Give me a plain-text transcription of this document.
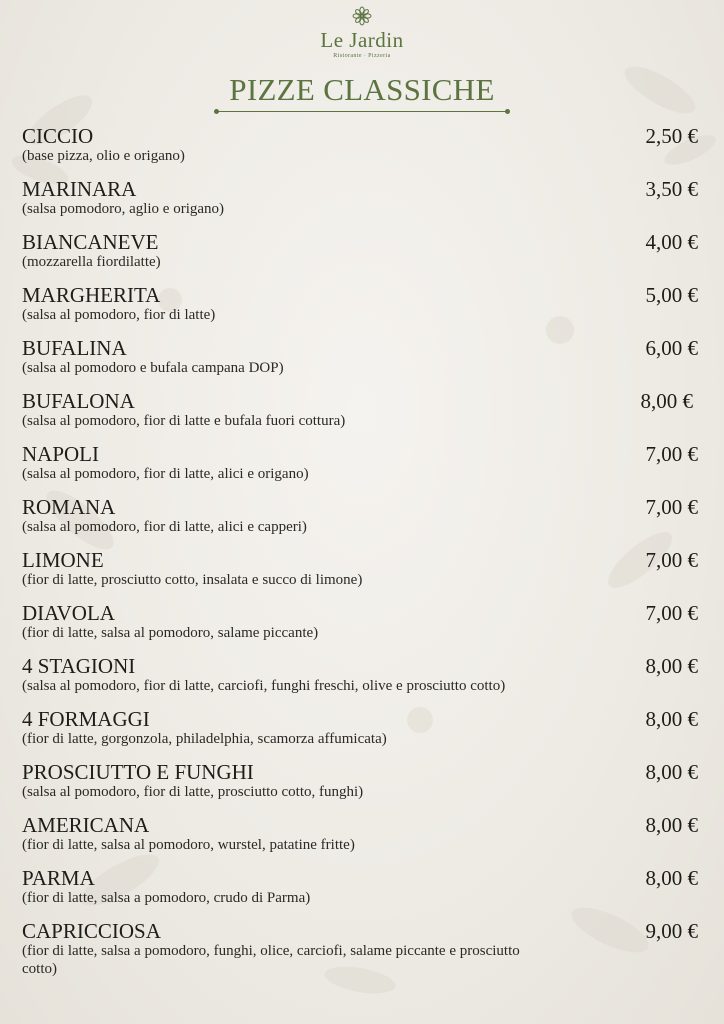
Le Jardin
Ristorante · Pizzeria
PIZZE CLASSICHE
CICCIO	2,50 €
(base pizza, olio e origano)
MARINARA	3,50 €
(salsa pomodoro, aglio e origano)
BIANCANEVE	4,00 €
(mozzarella fiordilatte)
MARGHERITA	5,00 €
(salsa al pomodoro, fior di latte)
BUFALINA	6,00 €
(salsa al pomodoro e bufala campana DOP)
BUFALONA	8,00 €
(salsa al pomodoro, fior di latte e bufala fuori cottura)
NAPOLI	7,00 €
(salsa al pomodoro, fior di latte, alici e origano)
ROMANA	7,00 €
(salsa al pomodoro, fior di latte, alici e capperi)
LIMONE	7,00 €
(fior di latte, prosciutto cotto, insalata e succo di limone)
DIAVOLA	7,00 €
(fior di latte, salsa al pomodoro, salame piccante)
4 STAGIONI	8,00 €
(salsa al pomodoro, fior di latte, carciofi, funghi freschi, olive e prosciutto cotto)
4 FORMAGGI	8,00 €
(fior di latte, gorgonzola, philadelphia, scamorza affumicata)
PROSCIUTTO E FUNGHI	8,00 €
(salsa al pomodoro, fior di latte, prosciutto cotto, funghi)
AMERICANA	8,00 €
(fior di latte, salsa al pomodoro, wurstel, patatine fritte)
PARMA	8,00 €
(fior di latte, salsa a pomodoro, crudo di Parma)
CAPRICCIOSA	9,00 €
(fior di latte, salsa a pomodoro, funghi, olice, carciofi, salame piccante e prosciutto cotto)
